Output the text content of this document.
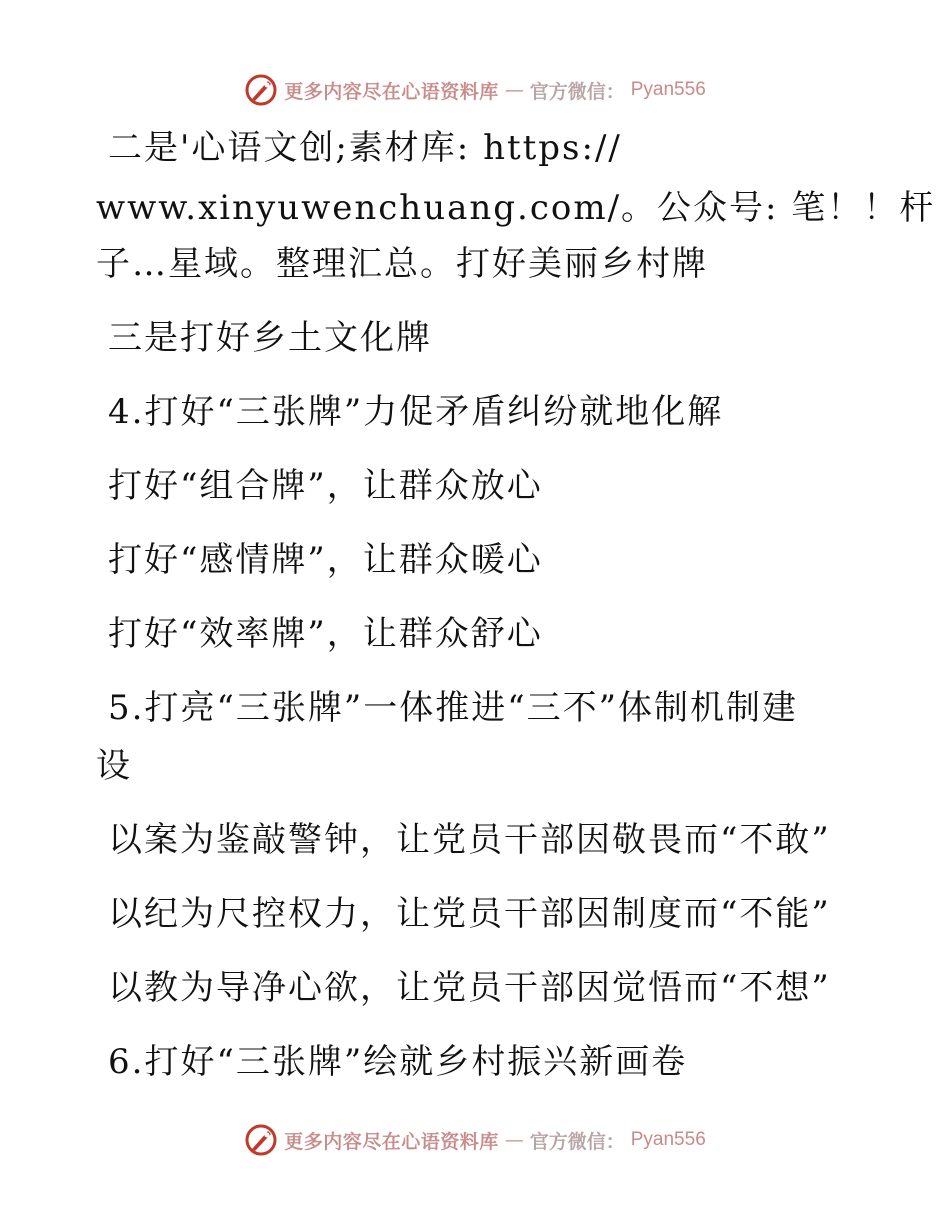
更多内容尽在心语资料库 — 官方微信： Pyan556
二是'心语文创;素材库: https://
www.xinyuwenchuang.com/。公众号: 笔！！杆
子…星域。整理汇总。打好美丽乡村牌
三是打好乡土文化牌
4.打好“三张牌”力促矛盾纠纷就地化解
打好“组合牌”，让群众放心
打好“感情牌”，让群众暖心
打好“效率牌”，让群众舒心
5.打亮“三张牌”一体推进“三不”体制机制建
设
以案为鉴敲警钟，让党员干部因敬畏而“不敢”
以纪为尺控权力，让党员干部因制度而“不能”
以教为导净心欲，让党员干部因觉悟而“不想”
6.打好“三张牌”绘就乡村振兴新画卷
更多内容尽在心语资料库 — 官方微信： Pyan556
